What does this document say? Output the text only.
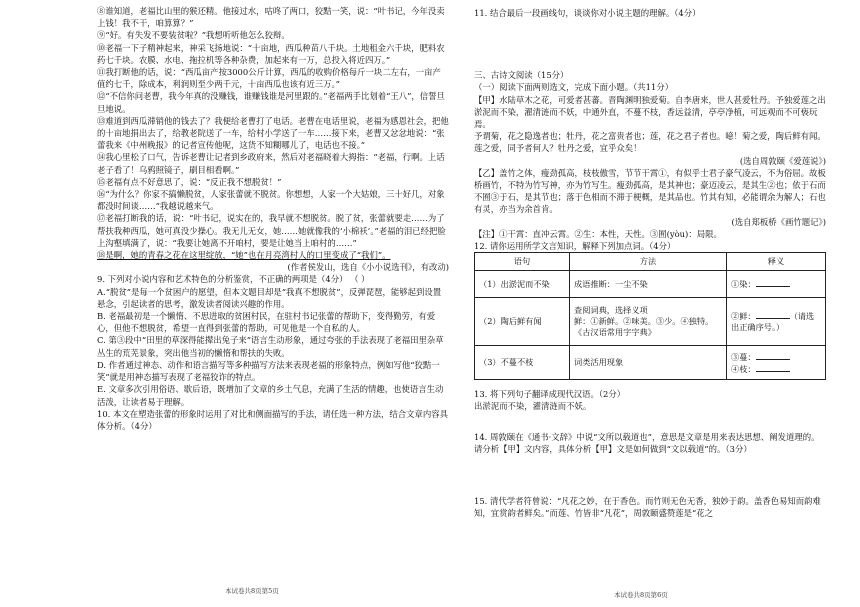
⑧谁知道，老福比山里的猴还精。他接过水，咕咚了两口，狡黠一笑，说：“叶书记，今年没卖上钱！我不干，咱算算？”

⑨“好。有失发不要装贫啦？”我想听听他怎么狡辩。

⑩老福一下子精神起来，神采飞扬地说：“十亩地，西瓜种苗八千块。土地租金六千块，肥料农药七千块。农膜、水电、拖拉机等各种杂费，加起来有一万，总投入将近四万。”

⑪我打断他的话，说：“西瓜亩产按3000公斤计算，西瓜的收购价格每斤一块二左右，一亩产值约七千，除成本，利润则至少两千元，十亩西瓜也该有近三万。”

⑫“不信你问老曹，我今年真的没赚钱，谁赚钱谁是河里跟的。”老福两手比划着“王八”，信誓旦旦地说。

⑬难道到西瓜滞销他的钱去了？我便给老曹打了电话。老曹在电话里说，老福为感恩社会，把他的十亩地捐出去了，给教老院送了一车，给村小学送了一车……接下来，老曹又忿忿地说：“张蕾我来《中州晚报》的记者宣传他呢，这货不知糊哪儿了，电话也不接。”

⑭我心里松了口气，告诉老曹让记者到乡政府来，然后对老福晓着大拇指：“老福，行啊。上话老子看了！乌鸦照镜子，刷目相看啊。”

⑮老福有点不好意思了，说：“反正我不想脱贫！”

⑯“为什么？你家不搞懒脱贫，人家张蕾就不脱贫。你想想，人家一个大姑娘，三十好几，对象都没时间谈……”我越说越来气。

⑰老福打断我的话，说：“叶书记，说实在的，我早就不想脱贫。脱了贫，张蕾就要走……为了帮扶我种西瓜，她可真没少操心。我无儿无女，她……她就像我的‘小棉袄’。”老福的泪已经把脸上沟壑填满了，说：“我要让她离不开咱村，要是让她当上咱村的……”

⑱是啊，她的青春之花在这里绽放，“她”也在月亮湾村人的口里变成了“我们”。

(作者侯发山，选自《小小说选刊》，有改动)

9. 下列对小说内容和艺术特色的分析鉴赏，不正确的两项是（4分） （ ）

A.“脱贫”是每一个贫困户的愿望，但本文题目却是“我真不想脱贫”，反弹琵琶，能够起到设置悬念，引起读者的思考，激发读者阅读兴趣的作用。

B. 老福最初是一个懒惰、不思进取的贫困村民，在驻村书记张蕾的帮助下，变得勤劳，有爱心，但他不想脱贫，希望一直得到张蕾的帮助，可见他是一个自私的人。

C. 第③段中“田里的草深得能撵出兔子来”语言生动形象，通过夸张的手法表现了老福田里杂草丛生的荒芜景象，突出他当初的懒惰和帮扶的失败。

D. 作者通过神态、动作和语言描写等多种描写方法来表现老福的形象特点，例如写他“狡黠一笑”就是用神态描写表现了老福狡诈的特点。

E. 文章多次引用俗语、歇后语，既增加了文章的乡土气息，充满了生活的情趣，也使语言生动活泼，让读者易于理解。

10. 本文在塑造张蕾的形象时运用了对比和侧面描写的手法，请任选一种方法，结合文章内容具体分析。（4分）

本试卷共8页第5页

11. 结合最后一段画线句，谈谈你对小说主题的理解。（4分）

三、古诗文阅读（15分）

（一）阅读下面两则选文，完成下面小题。（共11分）

【甲】水陆草木之花，可爱者甚蕃。晋陶渊明独爱菊。自李唐来，世人甚爱牡丹。予独爱莲之出淤泥而不染，濯清涟而不妖，中通外直，不蔓不枝，香远益清，亭亭净植，可远观而不可亵玩焉。

予谓菊，花之隐逸者也；牡丹，花之富贵者也；莲，花之君子者也。噫！菊之爱，陶后鲜有闻。莲之爱，同予者何人？牡丹之爱，宜乎众矣！

(选自周敦颐《爱莲说》)

【乙】盖竹之体，瘦劲孤高，枝枝傲雪，节节干霄①，有似乎士君子豪气凌云，不为俗屈。故板桥画竹，不特为竹写神，亦为竹写生。瘦劲孤高，是其神也；豪迈凌云，是其生②也；依于石而不囿③于石，是其节也；落于色相而不滞于梗概，是其品也。竹其有知，必能谓余为解人；石也有灵，亦当为余首肯。

(选自郑板桥《画竹题记》)

【注】①干霄：直冲云霄。②生：本性，天性。③囿(yòu)：局限。

12. 请你运用所学文言知识，解释下列加点词。（4分）

语句	方法	释义
（1）出淤泥而不染	成语推断：一尘不染	①染：
（2）陶后鲜有闻	查阅词典，选择义项
鲜：①新鲜。②味美。③少。④独特。
《古汉语常用字字典》	②鲜： （请选出正确序号。）
（3）不蔓不枝	词类活用现象	③蔓：
④枝：

13. 将下列句子翻译成现代汉语。（2分）

出淤泥而不染，濯清涟而不妖。

14. 周敦颐在《通书·文辞》中说“文所以载道也”，意思是文章是用来表达思想、阐发道理的。请分析【甲】文内容，具体分析【甲】文是如何做到“文以载道”的。（3分）

15. 清代学者符曾说：“凡花之妙，在于香色。而竹则无色无香，独妙于韵。盖香色易知而韵难知，宜赏韵者鲜矣。”而莲、竹皆非“凡花”，周敦颐盛赞莲是“花之

本试卷共8页第6页
